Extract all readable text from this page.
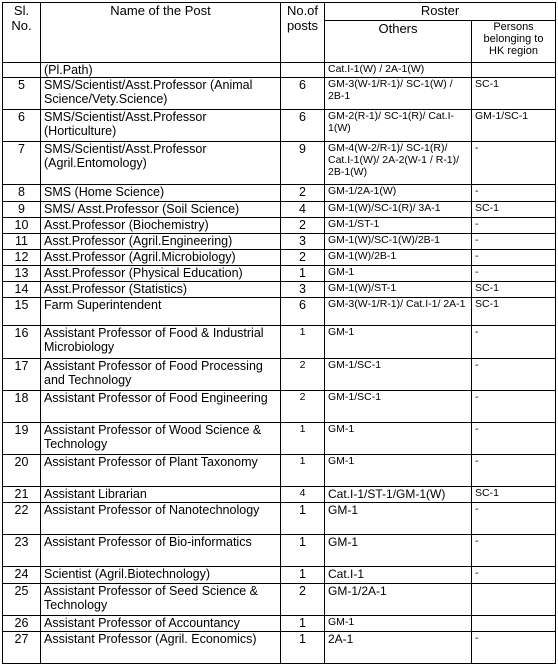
Sl. No.	Name of the Post	No.of posts	Roster	
			Others	Persons belonging to HK region
	(Pl.Path)		Cat.I-1(W) / 2A-1(W)	
5	SMS/Scientist/Asst.Professor (Animal Science/Vety.Science)	6	GM-3(W-1/R-1)/ SC-1(W) / 2B-1	SC-1
6	SMS/Scientist/Asst.Professor (Horticulture)	6	GM-2(R-1)/ SC-1(R)/ Cat.I-1(W)	GM-1/SC-1
7	SMS/Scientist/Asst.Professor (Agril.Entomology)	9	GM-4(W-2/R-1)/ SC-1(R)/ Cat.I-1(W)/ 2A-2(W-1 / R-1)/ 2B-1(W)	-
8	SMS (Home Science)	2	GM-1/2A-1(W)	-
9	SMS/ Asst.Professor (Soil Science)	4	GM-1(W)/SC-1(R)/ 3A-1	SC-1
10	Asst.Professor (Biochemistry)	2	GM-1/ST-1	-
11	Asst.Professor (Agril.Engineering)	3	GM-1(W)/SC-1(W)/2B-1	-
12	Asst.Professor (Agril.Microbiology)	2	GM-1(W)/2B-1	-
13	Asst.Professor (Physical Education)	1	GM-1	-
14	Asst.Professor (Statistics)	3	GM-1(W)/ST-1	SC-1
15	Farm Superintendent	6	GM-3(W-1/R-1)/ Cat.I-1/ 2A-1	SC-1
16	Assistant Professor of Food & Industrial Microbiology	1	GM-1	-
17	Assistant Professor of Food Processing and Technology	2	GM-1/SC-1	-
18	Assistant Professor of Food Engineering	2	GM-1/SC-1	-
19	Assistant Professor of Wood Science & Technology	1	GM-1	-
20	Assistant Professor of Plant Taxonomy	1	GM-1	-
21	Assistant Librarian	4	Cat.I-1/ST-1/GM-1(W)	SC-1
22	Assistant Professor of Nanotechnology	1	GM-1	-
23	Assistant Professor of Bio-informatics	1	GM-1	-
24	Scientist (Agril.Biotechnology)	1	Cat.I-1	-
25	Assistant Professor of Seed Science & Technology	2	GM-1/2A-1	
26	Assistant Professor of Accountancy	1	GM-1	
27	Assistant Professor (Agril. Economics)	1	2A-1	-
